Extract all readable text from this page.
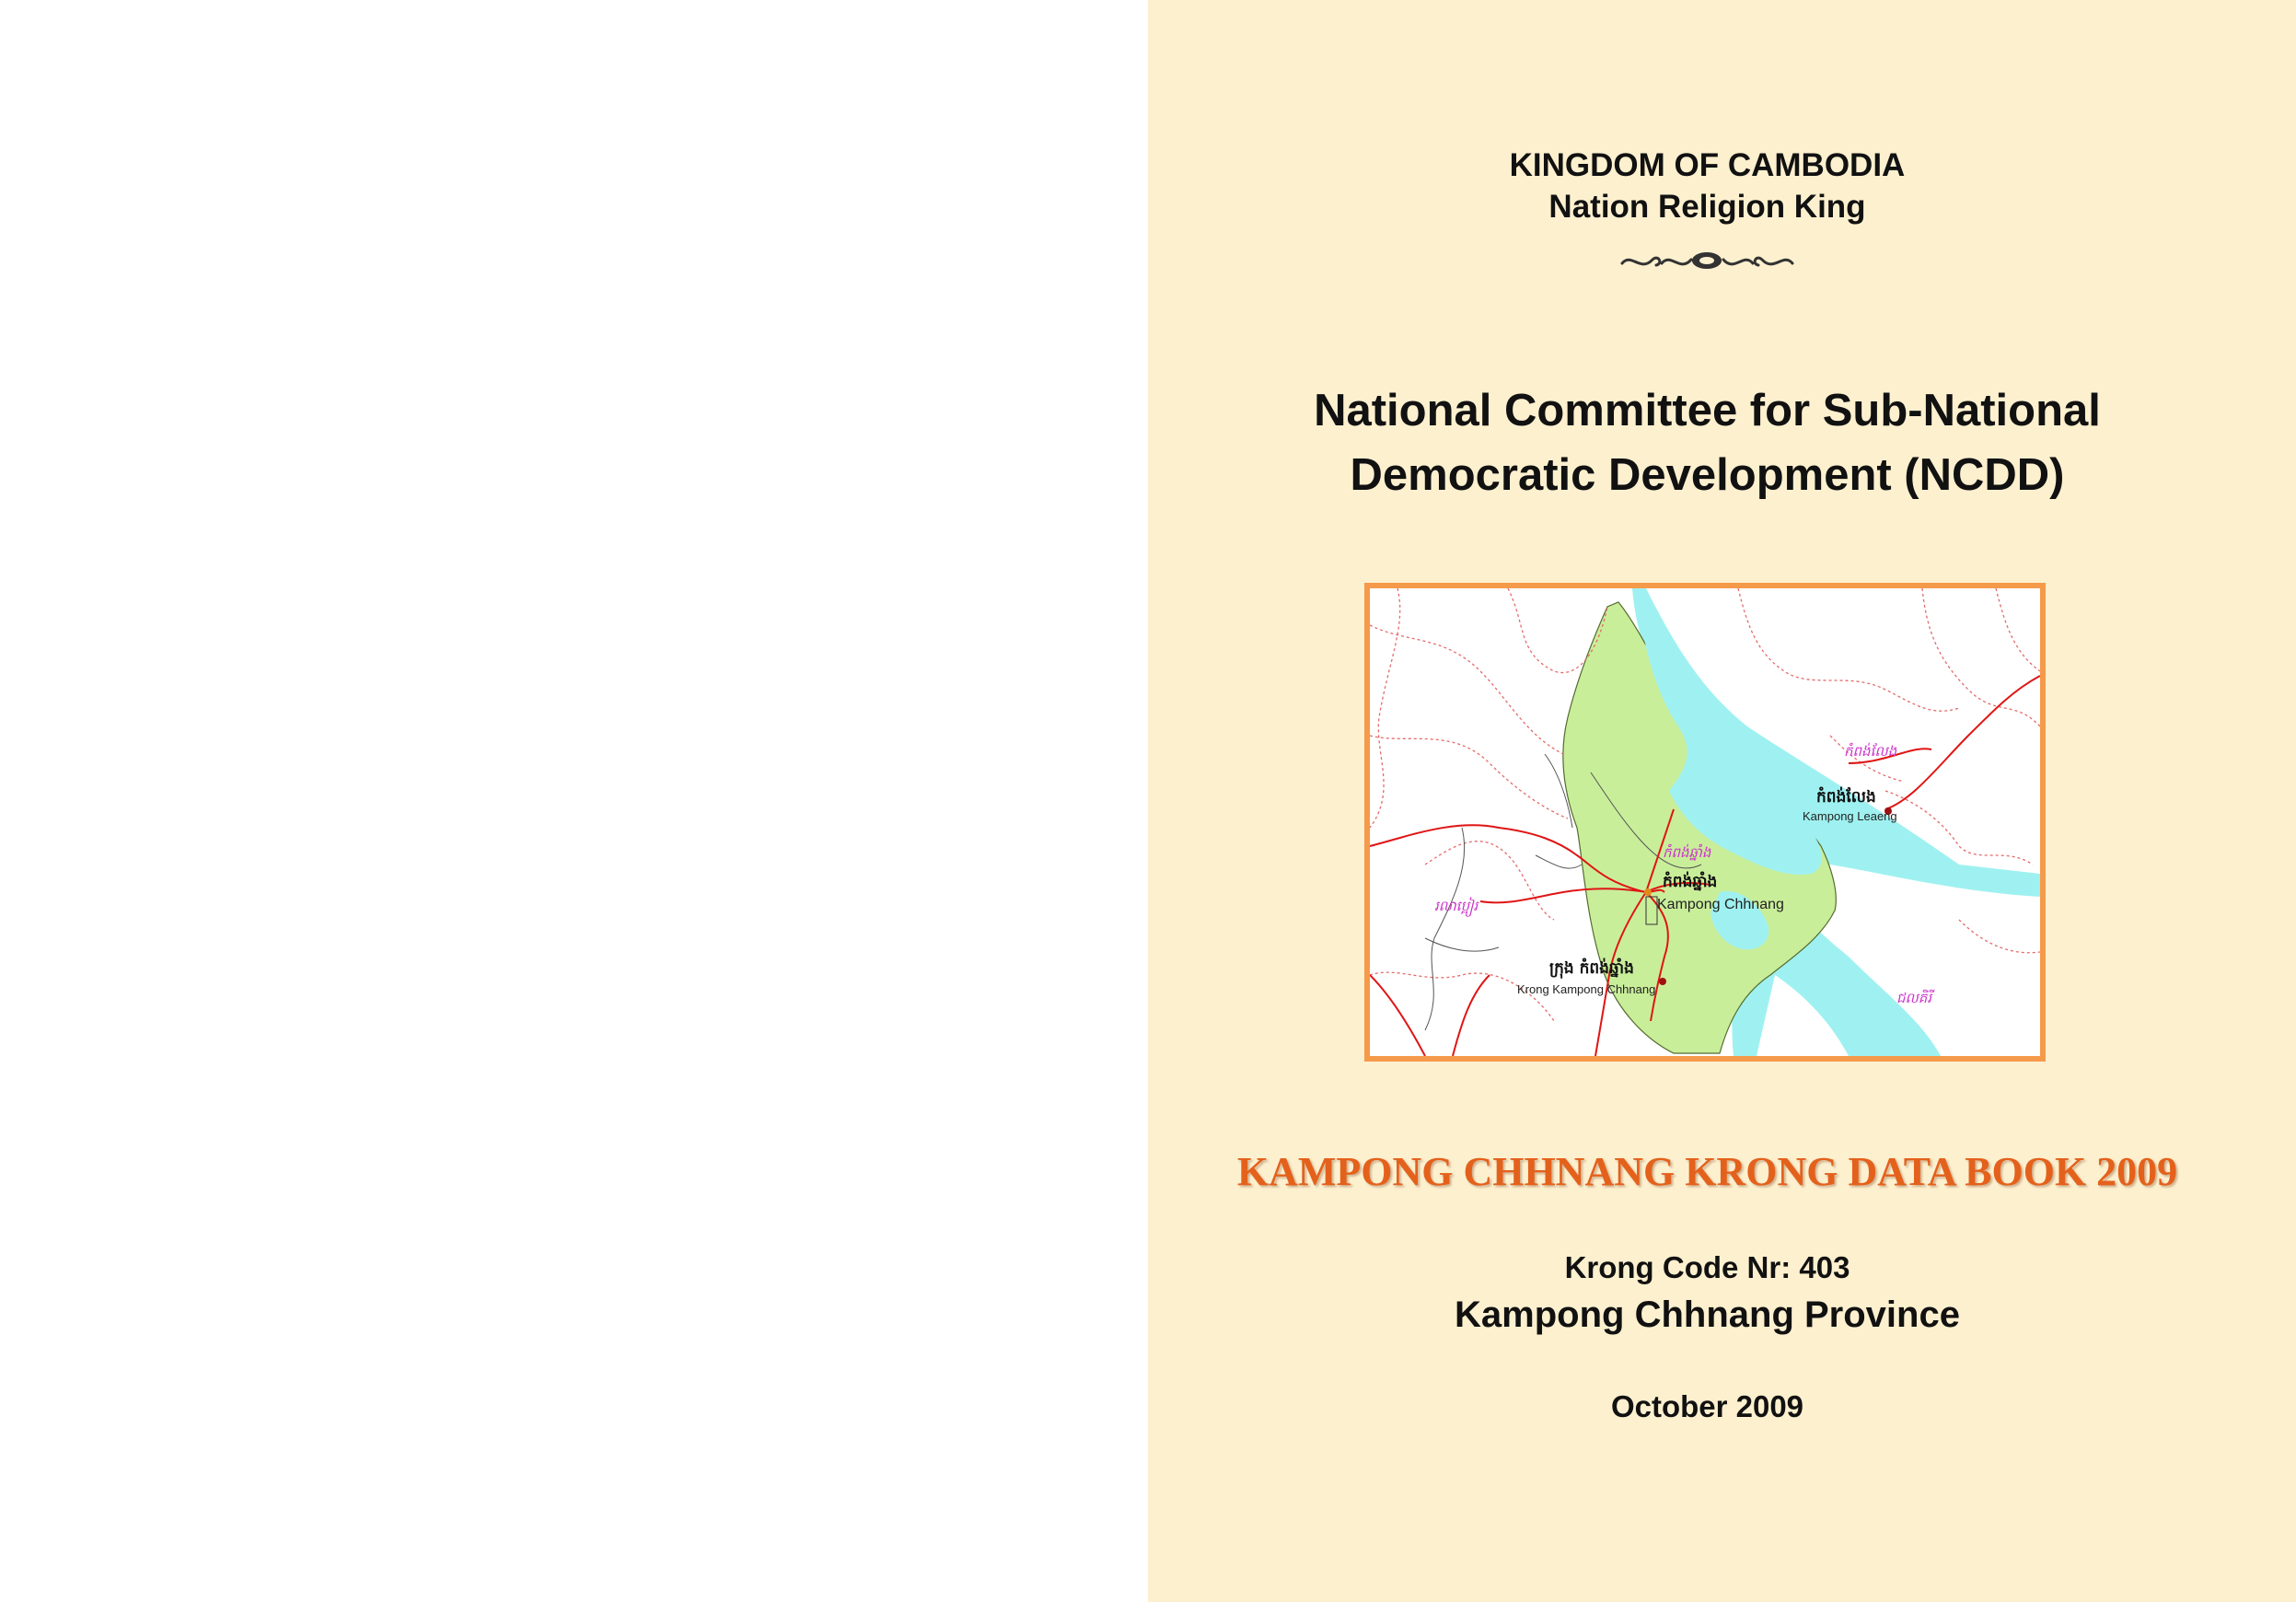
KINGDOM OF CAMBODIA
Nation Religion King
National Committee for Sub-National
Democratic Development (NCDD)
កំពង់លែង
កំពង់លែង
Kampong Leaeng
កំពង់ឆ្នាំង
កំពង់ឆ្នាំង
Kampong Chhnang
រលាប្អៀរ
ក្រុង កំពង់ឆ្នាំង
Krong Kampong Chhnang
ជលគិរី
KAMPONG CHHNANG KRONG DATA BOOK 2009
Krong Code Nr: 403
Kampong Chhnang Province
October 2009
